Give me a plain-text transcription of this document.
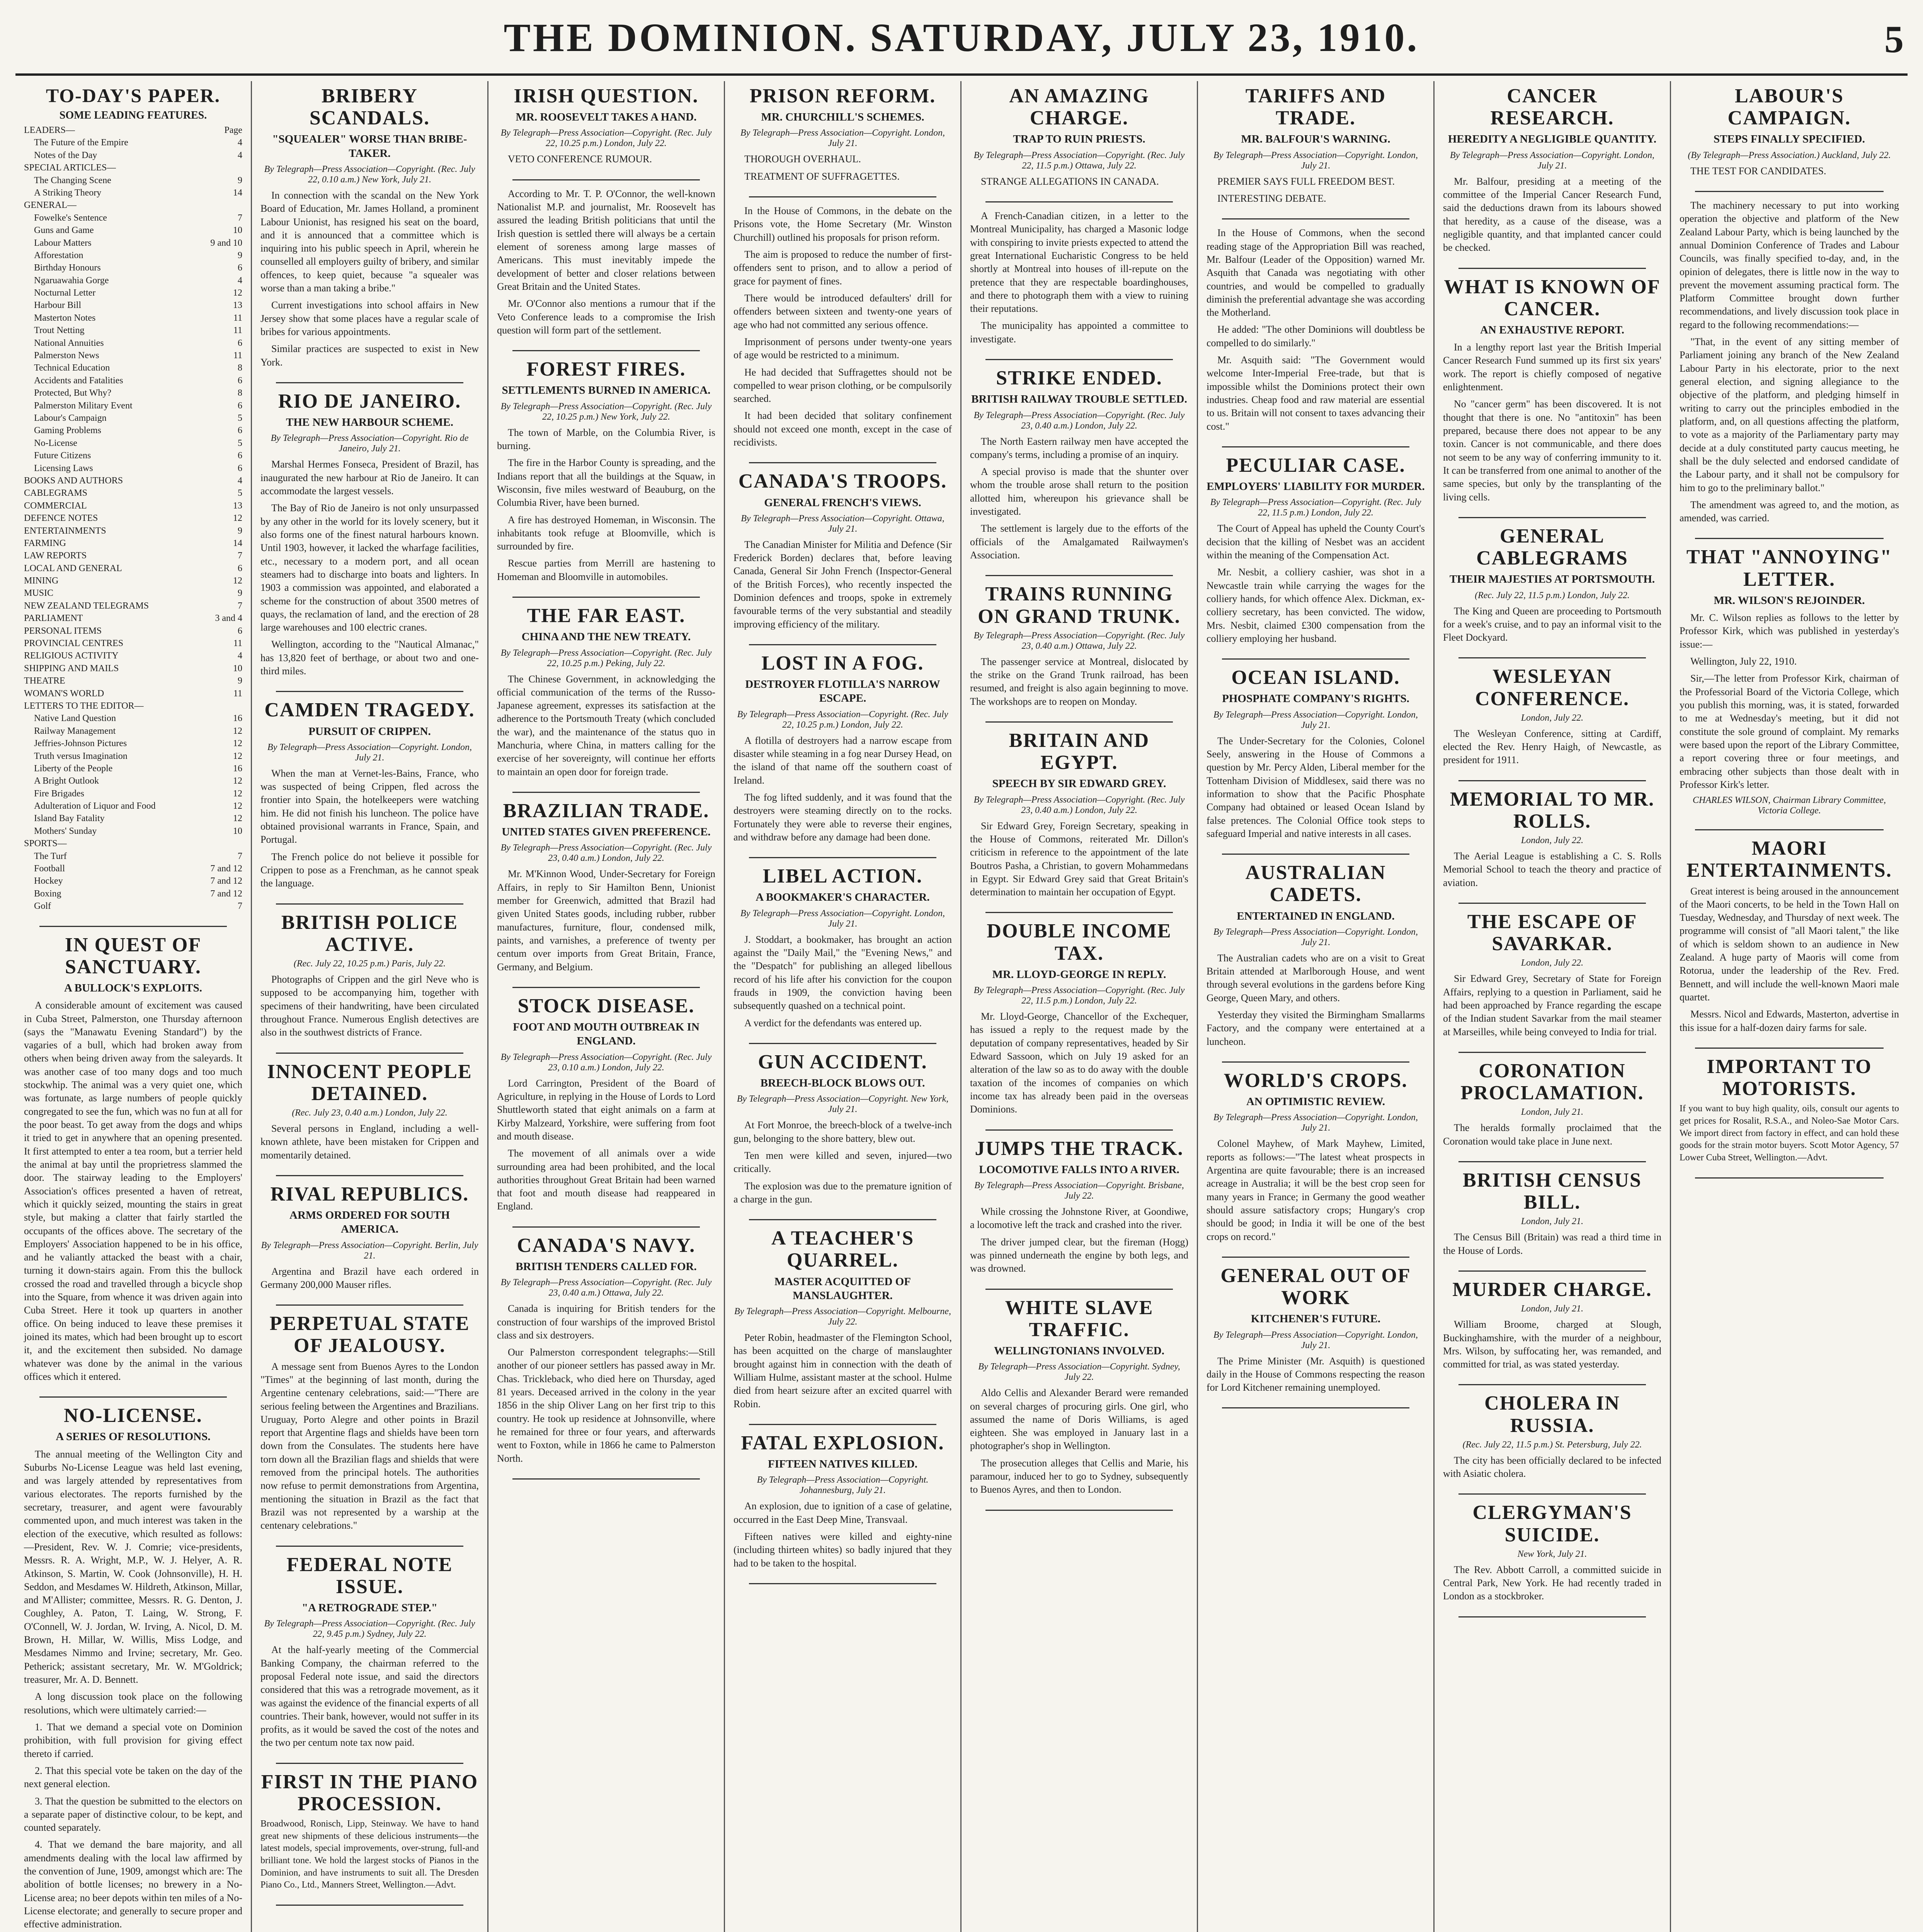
THE DOMINION. SATURDAY, JULY 23, 1910.	5
TO-DAY'S PAPER.
SOME LEADING FEATURES.
LEADERS—	Page
The Future of the Empire	4
Notes of the Day	4
SPECIAL ARTICLES—
The Changing Scene	9
A Striking Theory	14
GENERAL—
Fowelke's Sentence	7
Guns and Game	10
Labour Matters	9 and 10
Afforestation	9
Birthday Honours	6
Ngaruawahia Gorge	4
Nocturnal Letter	12
Harbour Bill	13
Masterton Notes	11
Trout Netting	11
National Annuities	6
Palmerston News	11
Technical Education	8
Accidents and Fatalities	6
Protected, But Why?	8
Palmerston Military Event	6
Labour's Campaign	5
Gaming Problems	6
No-License	5
Future Citizens	6
Licensing Laws	6
BOOKS AND AUTHORS	4
CABLEGRAMS	5
COMMERCIAL	13
DEFENCE NOTES	12
ENTERTAINMENTS	9
FARMING	14
LAW REPORTS	7
LOCAL AND GENERAL	6
MINING	12
MUSIC	9
NEW ZEALAND TELEGRAMS	7
PARLIAMENT	3 and 4
PERSONAL ITEMS	6
PROVINCIAL CENTRES	11
RELIGIOUS ACTIVITY	4
SHIPPING AND MAILS	10
THEATRE	9
WOMAN'S WORLD	11
LETTERS TO THE EDITOR—
Native Land Question	16
Railway Management	12
Jeffries-Johnson Pictures	12
Truth versus Imagination	12
Liberty of the People	16
A Bright Outlook	12
Fire Brigades	12
Adulteration of Liquor and Food	12
Island Bay Fatality	12
Mothers' Sunday	10
SPORTS—
The Turf	7
Football	7 and 12
Hockey	7 and 12
Boxing	7 and 12
Golf	7
IN QUEST OF SANCTUARY.
A BULLOCK'S EXPLOITS.

A considerable amount of excitement was caused in Cuba Street, Palmerston, one Thursday afternoon (says the "Manawatu Evening Standard") by the vagaries of a bull, which had broken away from others when being driven away from the saleyards. It was another case of too many dogs and too much stockwhip. The animal was a very quiet one, which was fortunate, as large numbers of people quickly congregated to see the fun, which was no fun at all for the poor beast. To get away from the dogs and whips it tried to get in anywhere that an opening presented. It first attempted to enter a tea room, but a terrier held the animal at bay until the proprietress slammed the door. The stairway leading to the Employers' Association's offices presented a haven of retreat, which it quickly seized, mounting the stairs in great style, but making a clatter that fairly startled the occupants of the offices above. The secretary of the Employers' Association happened to be in his office, and he valiantly attacked the beast with a chair, turning it down-stairs again. From this the bullock crossed the road and travelled through a bicycle shop into the Square, from whence it was driven again into Cuba Street. Here it took up quarters in another office. On being induced to leave these premises it joined its mates, which had been brought up to escort it, and the excitement then subsided. No damage whatever was done by the animal in the various offices which it entered.

NO-LICENSE.
A SERIES OF RESOLUTIONS.

The annual meeting of the Wellington City and Suburbs No-License League was held last evening, and was largely attended by representatives from various electorates. The reports furnished by the secretary, treasurer, and agent were favourably commented upon, and much interest was taken in the election of the executive, which resulted as follows:—President, Rev. W. J. Comrie; vice-presidents, Messrs. R. A. Wright, M.P., W. J. Helyer, A. R. Atkinson, S. Martin, W. Cook (Johnsonville), H. H. Seddon, and Mesdames W. Hildreth, Atkinson, Millar, and M'Allister; committee, Messrs. R. G. Denton, J. Coughley, A. Paton, T. Laing, W. Strong, F. O'Connell, W. J. Jordan, W. Irving, A. Nicol, D. M. Brown, H. Millar, W. Willis, Miss Lodge, and Mesdames Nimmo and Irvine; secretary, Mr. Geo. Petherick; assistant secretary, Mr. W. M'Goldrick; treasurer, Mr. A. D. Bennett.

A long discussion took place on the following resolutions, which were ultimately carried:—

1. That we demand a special vote on Dominion prohibition, with full provision for giving effect thereto if carried.

2. That this special vote be taken on the day of the next general election.

3. That the question be submitted to the electors on a separate paper of distinctive colour, to be kept, and counted separately.

4. That we demand the bare majority, and all amendments dealing with the local law affirmed by the convention of June, 1909, amongst which are: The abolition of bottle licenses; no brewery in a No-License area; no beer depots within ten miles of a No-License electorate; and generally to secure proper and effective administration.

BRIBERY SCANDALS.
"SQUEALER" WORSE THAN BRIBE-TAKER.
By Telegraph—Press Association—Copyright. (Rec. July 22, 0.10 a.m.) New York, July 21.

In connection with the scandal on the New York Board of Education, Mr. James Holland, a prominent Labour Unionist, has resigned his seat on the board, and it is announced that a committee which is inquiring into his public speech in April, wherein he counselled all employers guilty of bribery, and similar offences, to keep quiet, because "a squealer was worse than a man taking a bribe."

Current investigations into school affairs in New Jersey show that some places have a regular scale of bribes for various appointments.

Similar practices are suspected to exist in New York.

RIO DE JANEIRO.
THE NEW HARBOUR SCHEME.
By Telegraph—Press Association—Copyright. Rio de Janeiro, July 21.

Marshal Hermes Fonseca, President of Brazil, has inaugurated the new harbour at Rio de Janeiro. It can accommodate the largest vessels.

The Bay of Rio de Janeiro is not only unsurpassed by any other in the world for its lovely scenery, but it also forms one of the finest natural harbours known. Until 1903, however, it lacked the wharfage facilities, etc., necessary to a modern port, and all ocean steamers had to discharge into boats and lighters. In 1903 a commission was appointed, and elaborated a scheme for the construction of about 3500 metres of quays, the reclamation of land, and the erection of 28 large warehouses and 100 electric cranes.

Wellington, according to the "Nautical Almanac," has 13,820 feet of berthage, or about two and one-third miles.

CAMDEN TRAGEDY.
PURSUIT OF CRIPPEN.
By Telegraph—Press Association—Copyright. London, July 21.

When the man at Vernet-les-Bains, France, who was suspected of being Crippen, fled across the frontier into Spain, the hotelkeepers were watching him. He did not finish his luncheon. The police have obtained provisional warrants in France, Spain, and Portugal.

The French police do not believe it possible for Crippen to pose as a Frenchman, as he cannot speak the language.

BRITISH POLICE ACTIVE.
(Rec. July 22, 10.25 p.m.) Paris, July 22.

Photographs of Crippen and the girl Neve who is supposed to be accompanying him, together with specimens of their handwriting, have been circulated throughout France. Numerous English detectives are also in the southwest districts of France.

INNOCENT PEOPLE DETAINED.
(Rec. July 23, 0.40 a.m.) London, July 22.

Several persons in England, including a well-known athlete, have been mistaken for Crippen and momentarily detained.

RIVAL REPUBLICS.
ARMS ORDERED FOR SOUTH AMERICA.
By Telegraph—Press Association—Copyright. Berlin, July 21.

Argentina and Brazil have each ordered in Germany 200,000 Mauser rifles.

PERPETUAL STATE OF JEALOUSY.

A message sent from Buenos Ayres to the London "Times" at the beginning of last month, during the Argentine centenary celebrations, said:—"There are serious feeling between the Argentines and Brazilians. Uruguay, Porto Alegre and other points in Brazil report that Argentine flags and shields have been torn down from the Consulates. The students here have torn down all the Brazilian flags and shields that were removed from the principal hotels. The authorities now refuse to permit demonstrations from Argentina, mentioning the situation in Brazil as the fact that Brazil was not represented by a warship at the centenary celebrations."

FEDERAL NOTE ISSUE.
"A RETROGRADE STEP."
By Telegraph—Press Association—Copyright. (Rec. July 22, 9.45 p.m.) Sydney, July 22.

At the half-yearly meeting of the Commercial Banking Company, the chairman referred to the proposal Federal note issue, and said the directors considered that this was a retrograde movement, as it was against the evidence of the financial experts of all countries. Their bank, however, would not suffer in its profits, as it would be saved the cost of the notes and the two per centum note tax now paid.

FIRST IN THE PIANO PROCESSION.

Broadwood, Ronisch, Lipp, Steinway. We have to hand great new shipments of these delicious instruments—the latest models, special improvements, over-strung, full-and brilliant tone. We hold the largest stocks of Pianos in the Dominion, and have instruments to suit all. The Dresden Piano Co., Ltd., Manners Street, Wellington.—Advt.

IRISH QUESTION.
MR. ROOSEVELT TAKES A HAND.
By Telegraph—Press Association—Copyright. (Rec. July 22, 10.25 p.m.) London, July 22.

VETO CONFERENCE RUMOUR.

According to Mr. T. P. O'Connor, the well-known Nationalist M.P. and journalist, Mr. Roosevelt has assured the leading British politicians that until the Irish question is settled there will always be a certain element of soreness among large masses of Americans. This must inevitably impede the development of better and closer relations between Great Britain and the United States.

Mr. O'Connor also mentions a rumour that if the Veto Conference leads to a compromise the Irish question will form part of the settlement.

FOREST FIRES.
SETTLEMENTS BURNED IN AMERICA.
By Telegraph—Press Association—Copyright. (Rec. July 22, 10.25 p.m.) New York, July 22.

The town of Marble, on the Columbia River, is burning.

The fire in the Harbor County is spreading, and the Indians report that all the buildings at the Squaw, in Wisconsin, five miles westward of Beauburg, on the Columbia River, have been burned.

A fire has destroyed Homeman, in Wisconsin. The inhabitants took refuge at Bloomville, which is surrounded by fire.

Rescue parties from Merrill are hastening to Homeman and Bloomville in automobiles.

THE FAR EAST.
CHINA AND THE NEW TREATY.
By Telegraph—Press Association—Copyright. (Rec. July 22, 10.25 p.m.) Peking, July 22.

The Chinese Government, in acknowledging the official communication of the terms of the Russo-Japanese agreement, expresses its satisfaction at the adherence to the Portsmouth Treaty (which concluded the war), and the maintenance of the status quo in Manchuria, where China, in matters calling for the exercise of her sovereignty, will continue her efforts to maintain an open door for foreign trade.

BRAZILIAN TRADE.
UNITED STATES GIVEN PREFERENCE.
By Telegraph—Press Association—Copyright. (Rec. July 23, 0.40 a.m.) London, July 22.

Mr. M'Kinnon Wood, Under-Secretary for Foreign Affairs, in reply to Sir Hamilton Benn, Unionist member for Greenwich, admitted that Brazil had given United States goods, including rubber, rubber manufactures, furniture, flour, condensed milk, paints, and varnishes, a preference of twenty per centum over imports from Great Britain, France, Germany, and Belgium.

STOCK DISEASE.
FOOT AND MOUTH OUTBREAK IN ENGLAND.
By Telegraph—Press Association—Copyright. (Rec. July 23, 0.10 a.m.) London, July 22.

Lord Carrington, President of the Board of Agriculture, in replying in the House of Lords to Lord Shuttleworth stated that eight animals on a farm at Kirby Malzeard, Yorkshire, were suffering from foot and mouth disease.

The movement of all animals over a wide surrounding area had been prohibited, and the local authorities throughout Great Britain had been warned that foot and mouth disease had reappeared in England.

CANADA'S NAVY.
BRITISH TENDERS CALLED FOR.
By Telegraph—Press Association—Copyright. (Rec. July 23, 0.40 a.m.) Ottawa, July 22.

Canada is inquiring for British tenders for the construction of four warships of the improved Bristol class and six destroyers.

Our Palmerston correspondent telegraphs:—Still another of our pioneer settlers has passed away in Mr. Chas. Trickleback, who died here on Thursday, aged 81 years. Deceased arrived in the colony in the year 1856 in the ship Oliver Lang on her first trip to this country. He took up residence at Johnsonville, where he remained for three or four years, and afterwards went to Foxton, while in 1866 he came to Palmerston North.

PRISON REFORM.
MR. CHURCHILL'S SCHEMES.
By Telegraph—Press Association—Copyright. London, July 21.

THOROUGH OVERHAUL.

TREATMENT OF SUFFRAGETTES.

In the House of Commons, in the debate on the Prisons vote, the Home Secretary (Mr. Winston Churchill) outlined his proposals for prison reform.

The aim is proposed to reduce the number of first-offenders sent to prison, and to allow a period of grace for payment of fines.

There would be introduced defaulters' drill for offenders between sixteen and twenty-one years of age who had not committed any serious offence.

Imprisonment of persons under twenty-one years of age would be restricted to a minimum.

He had decided that Suffragettes should not be compelled to wear prison clothing, or be compulsorily searched.

It had been decided that solitary confinement should not exceed one month, except in the case of recidivists.

CANADA'S TROOPS.
GENERAL FRENCH'S VIEWS.
By Telegraph—Press Association—Copyright. Ottawa, July 21.

The Canadian Minister for Militia and Defence (Sir Frederick Borden) declares that, before leaving Canada, General Sir John French (Inspector-General of the British Forces), who recently inspected the Dominion defences and troops, spoke in extremely favourable terms of the very substantial and steadily improving efficiency of the military.

LOST IN A FOG.
DESTROYER FLOTILLA'S NARROW ESCAPE.
By Telegraph—Press Association—Copyright. (Rec. July 22, 10.25 p.m.) London, July 22.

A flotilla of destroyers had a narrow escape from disaster while steaming in a fog near Dursey Head, on the island of that name off the southern coast of Ireland.

The fog lifted suddenly, and it was found that the destroyers were steaming directly on to the rocks. Fortunately they were able to reverse their engines, and withdraw before any damage had been done.

LIBEL ACTION.
A BOOKMAKER'S CHARACTER.
By Telegraph—Press Association—Copyright. London, July 21.

J. Stoddart, a bookmaker, has brought an action against the "Daily Mail," the "Evening News," and the "Despatch" for publishing an alleged libellous record of his life after his conviction for the coupon frauds in 1909, the conviction having been subsequently quashed on a technical point.

A verdict for the defendants was entered up.

GUN ACCIDENT.
BREECH-BLOCK BLOWS OUT.
By Telegraph—Press Association—Copyright. New York, July 21.

At Fort Monroe, the breech-block of a twelve-inch gun, belonging to the shore battery, blew out.

Ten men were killed and seven, injured—two critically.

The explosion was due to the premature ignition of a charge in the gun.

A TEACHER'S QUARREL.
MASTER ACQUITTED OF MANSLAUGHTER.
By Telegraph—Press Association—Copyright. Melbourne, July 22.

Peter Robin, headmaster of the Flemington School, has been acquitted on the charge of manslaughter brought against him in connection with the death of William Hulme, assistant master at the school. Hulme died from heart seizure after an excited quarrel with Robin.

FATAL EXPLOSION.
FIFTEEN NATIVES KILLED.
By Telegraph—Press Association—Copyright. Johannesburg, July 21.

An explosion, due to ignition of a case of gelatine, occurred in the East Deep Mine, Transvaal.

Fifteen natives were killed and eighty-nine (including thirteen whites) so badly injured that they had to be taken to the hospital.

AN AMAZING CHARGE.
TRAP TO RUIN PRIESTS.
By Telegraph—Press Association—Copyright. (Rec. July 22, 11.5 p.m.) Ottawa, July 22.

STRANGE ALLEGATIONS IN CANADA.

A French-Canadian citizen, in a letter to the Montreal Municipality, has charged a Masonic lodge with conspiring to invite priests expected to attend the great International Eucharistic Congress to be held shortly at Montreal into houses of ill-repute on the pretence that they are respectable boardinghouses, and there to photograph them with a view to ruining their reputations.

The municipality has appointed a committee to investigate.

STRIKE ENDED.
BRITISH RAILWAY TROUBLE SETTLED.
By Telegraph—Press Association—Copyright. (Rec. July 23, 0.40 a.m.) London, July 22.

The North Eastern railway men have accepted the company's terms, including a promise of an inquiry.

A special proviso is made that the shunter over whom the trouble arose shall return to the position allotted him, whereupon his grievance shall be investigated.

The settlement is largely due to the efforts of the officials of the Amalgamated Railwaymen's Association.

TRAINS RUNNING ON GRAND TRUNK.
By Telegraph—Press Association—Copyright. (Rec. July 23, 0.40 a.m.) Ottawa, July 22.

The passenger service at Montreal, dislocated by the strike on the Grand Trunk railroad, has been resumed, and freight is also again beginning to move. The workshops are to reopen on Monday.

BRITAIN AND EGYPT.
SPEECH BY SIR EDWARD GREY.
By Telegraph—Press Association—Copyright. (Rec. July 23, 0.40 a.m.) London, July 22.

Sir Edward Grey, Foreign Secretary, speaking in the House of Commons, reiterated Mr. Dillon's criticism in reference to the appointment of the late Boutros Pasha, a Christian, to govern Mohammedans in Egypt. Sir Edward Grey said that Great Britain's determination to maintain her occupation of Egypt.

DOUBLE INCOME TAX.
MR. LLOYD-GEORGE IN REPLY.
By Telegraph—Press Association—Copyright. (Rec. July 22, 11.5 p.m.) London, July 22.

Mr. Lloyd-George, Chancellor of the Exchequer, has issued a reply to the request made by the deputation of company representatives, headed by Sir Edward Sassoon, which on July 19 asked for an alteration of the law so as to do away with the double taxation of the incomes of companies on which income tax has already been paid in the overseas Dominions.

JUMPS THE TRACK.
LOCOMOTIVE FALLS INTO A RIVER.
By Telegraph—Press Association—Copyright. Brisbane, July 22.

While crossing the Johnstone River, at Goondiwe, a locomotive left the track and crashed into the river.

The driver jumped clear, but the fireman (Hogg) was pinned underneath the engine by both legs, and was drowned.

WHITE SLAVE TRAFFIC.
WELLINGTONIANS INVOLVED.
By Telegraph—Press Association—Copyright. Sydney, July 22.

Aldo Cellis and Alexander Berard were remanded on several charges of procuring girls. One girl, who assumed the name of Doris Williams, is aged eighteen. She was employed in January last in a photographer's shop in Wellington.

The prosecution alleges that Cellis and Marie, his paramour, induced her to go to Sydney, subsequently to Buenos Ayres, and then to London.

TARIFFS AND TRADE.
MR. BALFOUR'S WARNING.
By Telegraph—Press Association—Copyright. London, July 21.

PREMIER SAYS FULL FREEDOM BEST.

INTERESTING DEBATE.

In the House of Commons, when the second reading stage of the Appropriation Bill was reached, Mr. Balfour (Leader of the Opposition) warned Mr. Asquith that Canada was negotiating with other countries, and would be compelled to gradually diminish the preferential advantage she was according the Motherland.

He added: "The other Dominions will doubtless be compelled to do similarly."

Mr. Asquith said: "The Government would welcome Inter-Imperial Free-trade, but that is impossible whilst the Dominions protect their own industries. Cheap food and raw material are essential to us. Britain will not consent to taxes advancing their cost."

PECULIAR CASE.
EMPLOYERS' LIABILITY FOR MURDER.
By Telegraph—Press Association—Copyright. (Rec. July 22, 11.5 p.m.) London, July 22.

The Court of Appeal has upheld the County Court's decision that the killing of Nesbet was an accident within the meaning of the Compensation Act.

Mr. Nesbit, a colliery cashier, was shot in a Newcastle train while carrying the wages for the colliery hands, for which offence Alex. Dickman, ex-colliery secretary, has been convicted. The widow, Mrs. Nesbit, claimed £300 compensation from the colliery employing her husband.

OCEAN ISLAND.
PHOSPHATE COMPANY'S RIGHTS.
By Telegraph—Press Association—Copyright. London, July 21.

The Under-Secretary for the Colonies, Colonel Seely, answering in the House of Commons a question by Mr. Percy Alden, Liberal member for the Tottenham Division of Middlesex, said there was no information to show that the Pacific Phosphate Company had obtained or leased Ocean Island by false pretences. The Colonial Office took steps to safeguard Imperial and native interests in all cases.

AUSTRALIAN CADETS.
ENTERTAINED IN ENGLAND.
By Telegraph—Press Association—Copyright. London, July 21.

The Australian cadets who are on a visit to Great Britain attended at Marlborough House, and went through several evolutions in the gardens before King George, Queen Mary, and others.

Yesterday they visited the Birmingham Smallarms Factory, and the company were entertained at a luncheon.

WORLD'S CROPS.
AN OPTIMISTIC REVIEW.
By Telegraph—Press Association—Copyright. London, July 21.

Colonel Mayhew, of Mark Mayhew, Limited, reports as follows:—"The latest wheat prospects in Argentina are quite favourable; there is an increased acreage in Australia; it will be the best crop seen for many years in France; in Germany the good weather should assure satisfactory crops; Hungary's crop should be good; in India it will be one of the best crops on record."

GENERAL OUT OF WORK
KITCHENER'S FUTURE.
By Telegraph—Press Association—Copyright. London, July 21.

The Prime Minister (Mr. Asquith) is questioned daily in the House of Commons respecting the reason for Lord Kitchener remaining unemployed.

CANCER RESEARCH.
HEREDITY A NEGLIGIBLE QUANTITY.
By Telegraph—Press Association—Copyright. London, July 21.

Mr. Balfour, presiding at a meeting of the committee of the Imperial Cancer Research Fund, said the deductions drawn from its labours showed that heredity, as a cause of the disease, was a negligible quantity, and that implanted cancer could be checked.

WHAT IS KNOWN OF CANCER.
AN EXHAUSTIVE REPORT.

In a lengthy report last year the British Imperial Cancer Research Fund summed up its first six years' work. The report is chiefly composed of negative enlightenment.

No "cancer germ" has been discovered. It is not thought that there is one. No "antitoxin" has been prepared, because there does not appear to be any toxin. Cancer is not communicable, and there does not seem to be any way of conferring immunity to it. It can be transferred from one animal to another of the same species, but only by the transplanting of the living cells.

GENERAL CABLEGRAMS
THEIR MAJESTIES AT PORTSMOUTH.
(Rec. July 22, 11.5 p.m.) London, July 22.

The King and Queen are proceeding to Portsmouth for a week's cruise, and to pay an informal visit to the Fleet Dockyard.

WESLEYAN CONFERENCE.
London, July 22.

The Wesleyan Conference, sitting at Cardiff, elected the Rev. Henry Haigh, of Newcastle, as president for 1911.

MEMORIAL TO MR. ROLLS.
London, July 22.

The Aerial League is establishing a C. S. Rolls Memorial School to teach the theory and practice of aviation.

THE ESCAPE OF SAVARKAR.
London, July 22.

Sir Edward Grey, Secretary of State for Foreign Affairs, replying to a question in Parliament, said he had been approached by France regarding the escape of the Indian student Savarkar from the mail steamer at Marseilles, while being conveyed to India for trial.

CORONATION PROCLAMATION.
London, July 21.

The heralds formally proclaimed that the Coronation would take place in June next.

BRITISH CENSUS BILL.
London, July 21.

The Census Bill (Britain) was read a third time in the House of Lords.

MURDER CHARGE.
London, July 21.

William Broome, charged at Slough, Buckinghamshire, with the murder of a neighbour, Mrs. Wilson, by suffocating her, was remanded, and committed for trial, as was stated yesterday.

CHOLERA IN RUSSIA.
(Rec. July 22, 11.5 p.m.) St. Petersburg, July 22.

The city has been officially declared to be infected with Asiatic cholera.

CLERGYMAN'S SUICIDE.
New York, July 21.

The Rev. Abbott Carroll, a committed suicide in Central Park, New York. He had recently traded in London as a stockbroker.

LABOUR'S CAMPAIGN.
STEPS FINALLY SPECIFIED.
(By Telegraph—Press Association.) Auckland, July 22.

THE TEST FOR CANDIDATES.

The machinery necessary to put into working operation the objective and platform of the New Zealand Labour Party, which is being launched by the annual Dominion Conference of Trades and Labour Councils, was finally specified to-day, and, in the opinion of delegates, there is little now in the way to prevent the movement assuming practical form. The Platform Committee brought down further recommendations, and lively discussion took place in regard to the following recommendations:—

"That, in the event of any sitting member of Parliament joining any branch of the New Zealand Labour Party in his electorate, prior to the next general election, and signing allegiance to the objective of the platform, and pledging himself in writing to carry out the principles embodied in the platform, and, on all questions affecting the platform, to vote as a majority of the Parliamentary party may decide at a duly constituted party caucus meeting, he shall be the duly selected and endorsed candidate of the Labour party, and it shall not be compulsory for him to go to the preliminary ballot."

The amendment was agreed to, and the motion, as amended, was carried.

THAT "ANNOYING" LETTER.
MR. WILSON'S REJOINDER.

Mr. C. Wilson replies as follows to the letter by Professor Kirk, which was published in yesterday's issue:—

Wellington, July 22, 1910.

Sir,—The letter from Professor Kirk, chairman of the Professorial Board of the Victoria College, which you publish this morning, was, it is stated, forwarded to me at Wednesday's meeting, but it did not constitute the sole ground of complaint. My remarks were based upon the report of the Library Committee, a report covering three or four meetings, and embracing other subjects than those dealt with in Professor Kirk's letter.

CHARLES WILSON, Chairman Library Committee, Victoria College.
MAORI ENTERTAINMENTS.

Great interest is being aroused in the announcement of the Maori concerts, to be held in the Town Hall on Tuesday, Wednesday, and Thursday of next week. The programme will consist of "all Maori talent," the like of which is seldom shown to an audience in New Zealand. A huge party of Maoris will come from Rotorua, under the leadership of the Rev. Fred. Bennett, and will include the well-known Maori male quartet.

Messrs. Nicol and Edwards, Masterton, advertise in this issue for a half-dozen dairy farms for sale.

IMPORTANT TO MOTORISTS.

If you want to buy high quality, oils, consult our agents to get prices for Rosalit, R.S.A., and Noleo-Sae Motor Cars. We import direct from factory in effect, and can hold these goods for the strain motor buyers. Scott Motor Agency, 57 Lower Cuba Street, Wellington.—Advt.
